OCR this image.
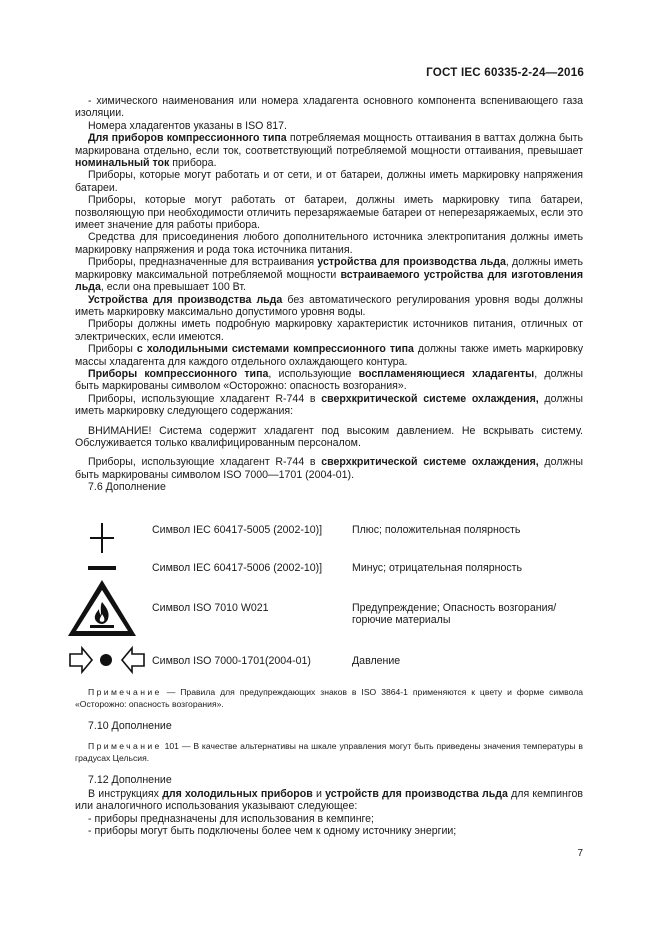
ГОСТ IEC 60335-2-24—2016

- химического наименования или номера хладагента основного компонента вспенивающего газа изоляции.

Номера хладагентов указаны в ISO 817.

Для приборов компрессионного типа потребляемая мощность оттаивания в ваттах должна быть маркирована отдельно, если ток, соответствующий потребляемой мощности оттаивания, превышает номинальный ток прибора.

Приборы, которые могут работать и от сети, и от батареи, должны иметь маркировку напряжения батареи.

Приборы, которые могут работать от батареи, должны иметь маркировку типа батареи, позволяющую при необходимости отличить перезаряжаемые батареи от неперезаряжаемых, если это имеет значение для работы прибора.

Средства для присоединения любого дополнительного источника электропитания должны иметь маркировку напряжения и рода тока источника питания.

Приборы, предназначенные для встраивания устройства для производства льда, должны иметь маркировку максимальной потребляемой мощности встраиваемого устройства для изготовления льда, если она превышает 100 Вт.

Устройства для производства льда без автоматического регулирования уровня воды должны иметь маркировку максимально допустимого уровня воды.

Приборы должны иметь подробную маркировку характеристик источников питания, отличных от электрических, если имеются.

Приборы с холодильными системами компрессионного типа должны также иметь маркировку массы хладагента для каждого отдельного охлаждающего контура.

Приборы компрессионного типа, использующие воспламеняющиеся хладагенты, должны быть маркированы символом «Осторожно: опасность возгорания».

Приборы, использующие хладагент R-744 в сверхкритической системе охлаждения, должны иметь маркировку следующего содержания:

ВНИМАНИЕ! Система содержит хладагент под высоким давлением. Не вскрывать систему. Обслуживается только квалифицированным персоналом.

Приборы, использующие хладагент R-744 в сверхкритической системе охлаждения, должны быть маркированы символом ISO 7000—1701 (2004-01).

7.6 Дополнение

Символ IEC 60417-5005 (2002-10)]	Плюс; положительная полярность
Символ IEC 60417-5006 (2002-10)]	Минус; отрицательная полярность
Символ ISO 7010 W021	Предупреждение; Опасность возгорания/горючие материалы
Символ ISO 7000-1701(2004-01)	Давление
Примечание — Правила для предупреждающих знаков в ISO 3864-1 применяются к цвету и форме символа «Осторожно: опасность возгорания».
7.10 Дополнение
Примечание 101 — В качестве альтернативы на шкале управления могут быть приведены значения температуры в градусах Цельсия.
7.12 Дополнение

В инструкциях для холодильных приборов и устройств для производства льда для кемпингов или аналогичного использования указывают следующее:

- приборы предназначены для использования в кемпинге;

- приборы могут быть подключены более чем к одному источнику энергии;

7
